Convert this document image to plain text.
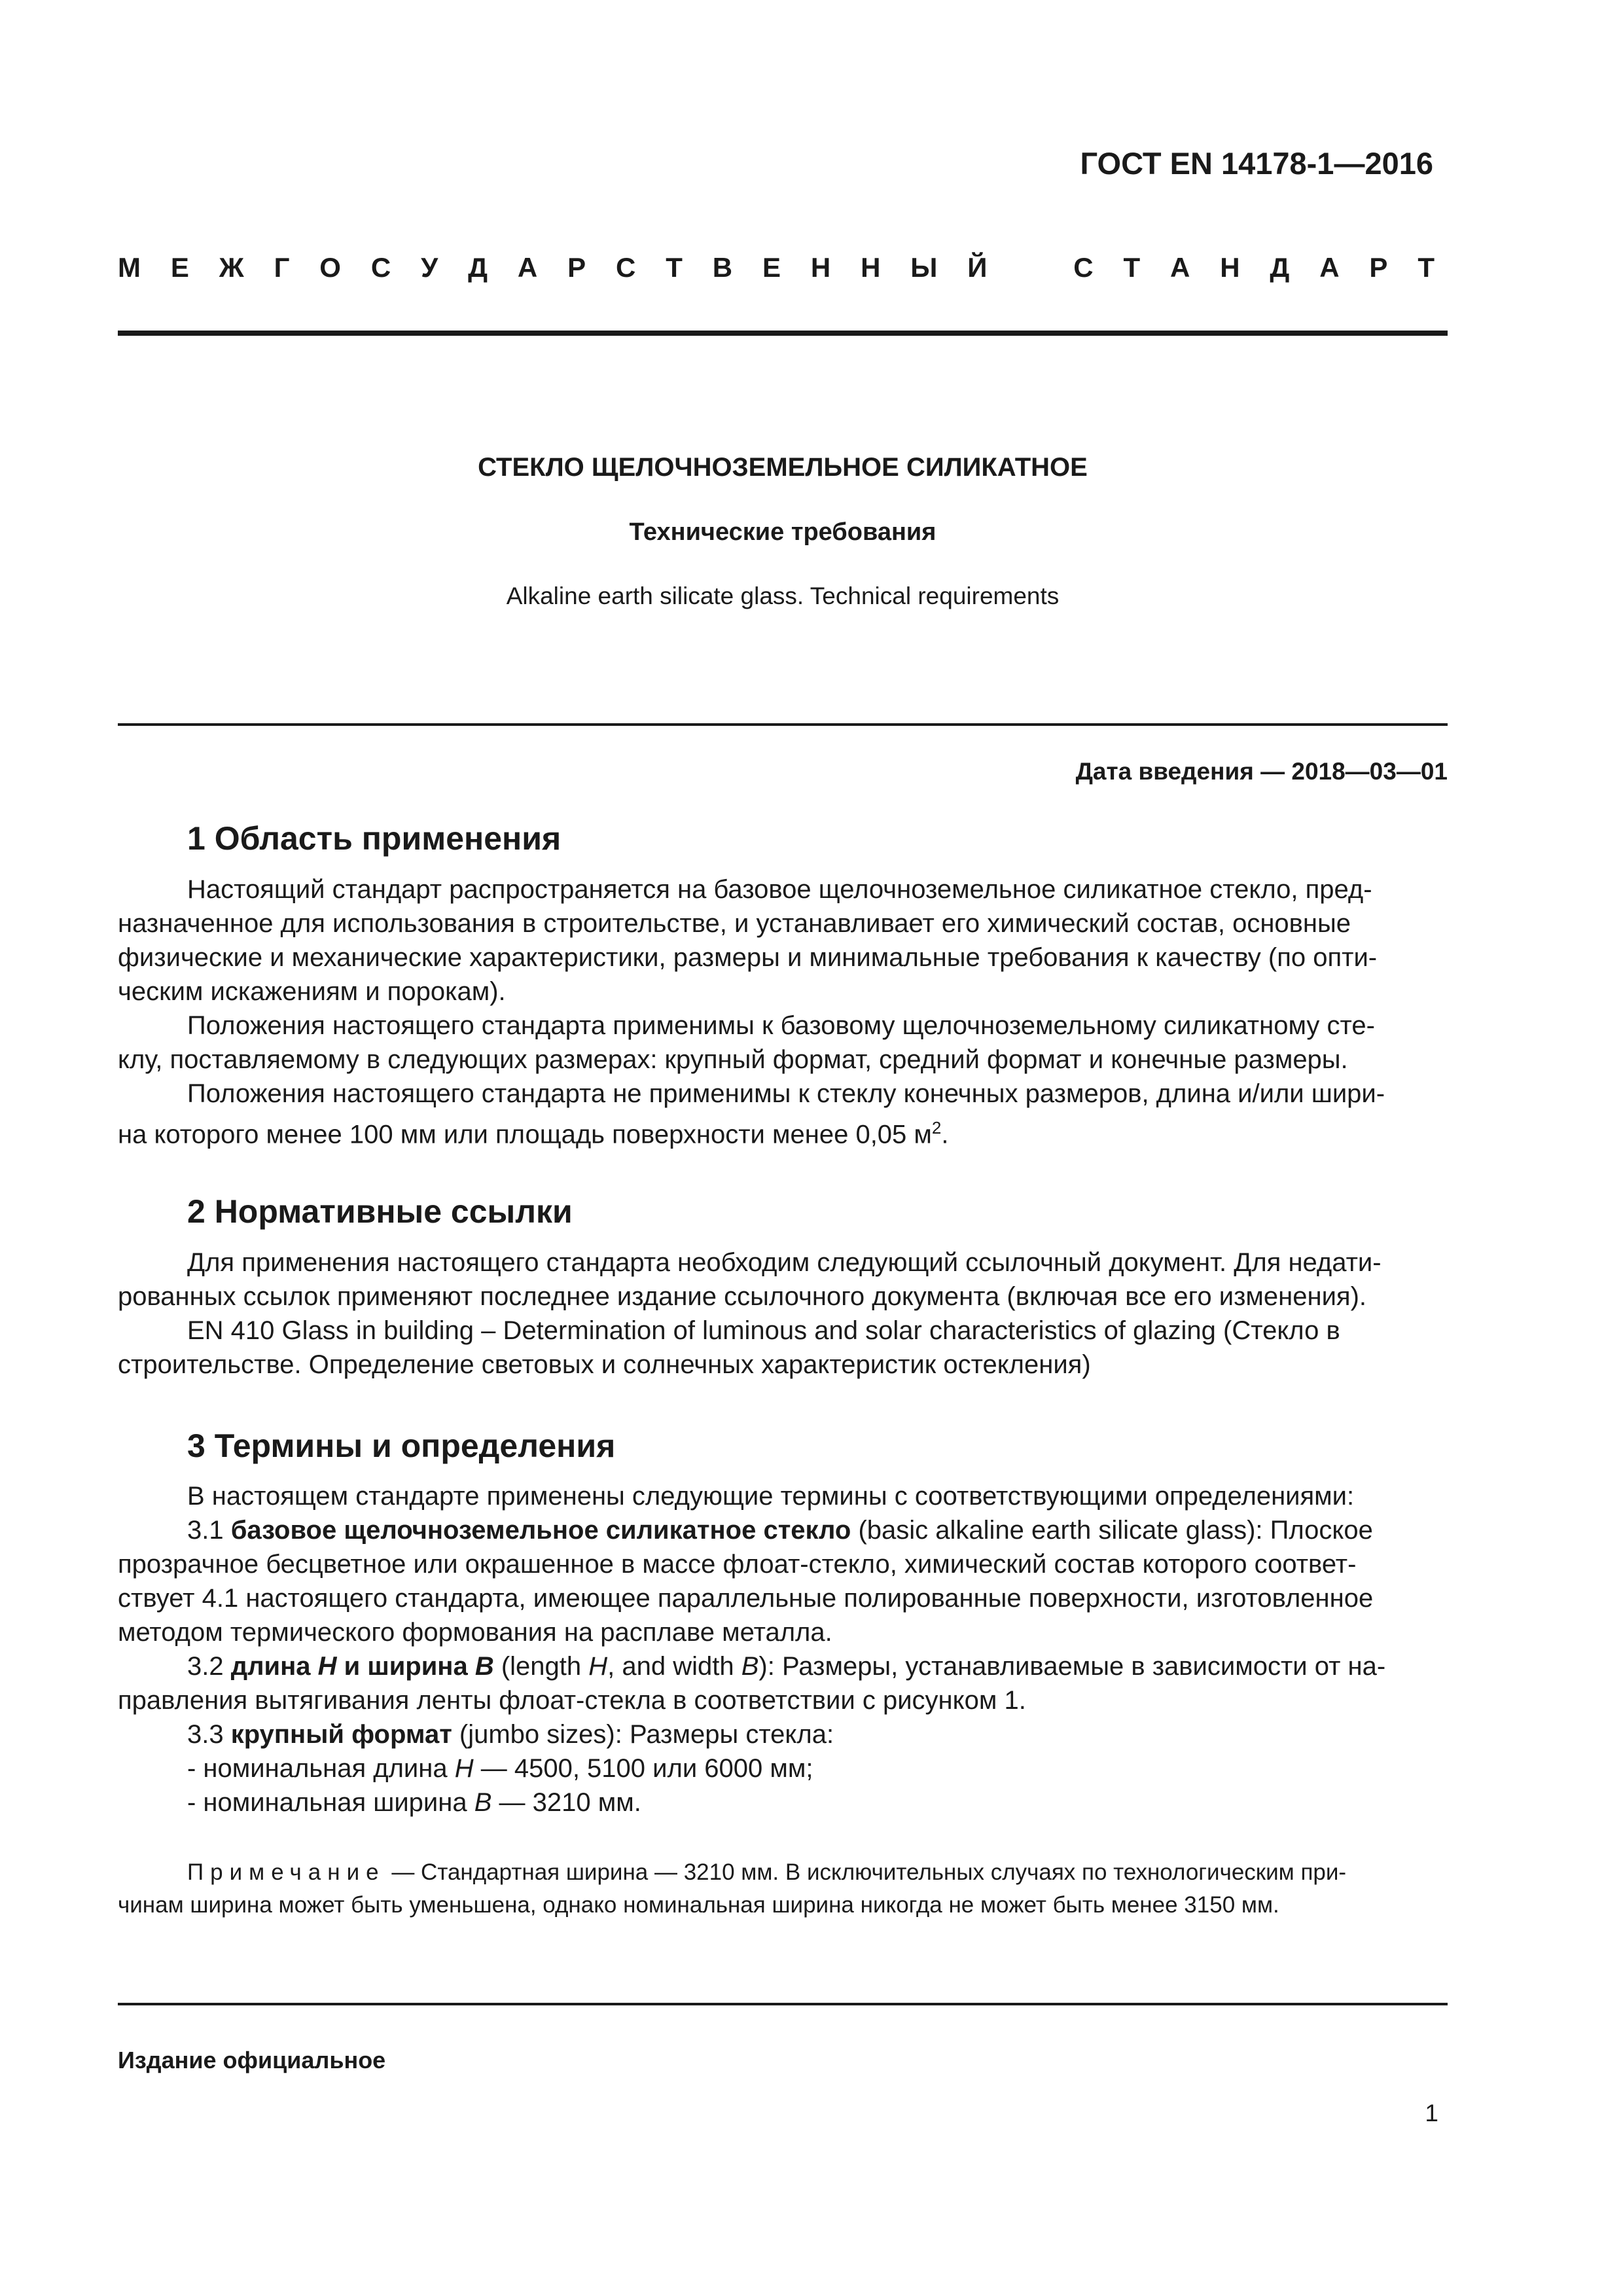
ГОСТ EN 14178-1—2016
М Е Ж Г О С У Д А Р С Т В Е Н Н Ы Й	С Т А Н Д А Р Т
СТЕКЛО ЩЕЛОЧНОЗЕМЕЛЬНОЕ СИЛИКАТНОЕ
Технические требования
Alkaline earth silicate glass. Technical requirements
Дата введения — 2018—03—01
1 Область применения
Настоящий стандарт распространяется на базовое щелочноземельное силикатное стекло, пред-
назначенное для использования в строительстве, и устанавливает его химический состав, основные
физические и механические характеристики, размеры и минимальные требования к качеству (по опти-
ческим искажениям и порокам).
Положения настоящего стандарта применимы к базовому щелочноземельному силикатному сте-
клу, поставляемому в следующих размерах: крупный формат, средний формат и конечные размеры.
Положения настоящего стандарта не применимы к стеклу конечных размеров, длина и/или шири-
на которого менее 100 мм или площадь поверхности менее 0,05 $м^2$.
2 Нормативные ссылки
Для применения настоящего стандарта необходим следующий ссылочный документ. Для недати-
рованных ссылок применяют последнее издание ссылочного документа (включая все его изменения).
EN 410 Glass in building – Determination of luminous and solar characteristics of glazing (Стекло в
строительстве. Определение световых и солнечных характеристик остекления)
3 Термины и определения
В настоящем стандарте применены следующие термины с соответствующими определениями:
3.1 базовое щелочноземельное силикатное стекло (basic alkaline earth silicate glass): Плоское
прозрачное бесцветное или окрашенное в массе флоат-стекло, химический состав которого соответ-
ствует 4.1 настоящего стандарта, имеющее параллельные полированные поверхности, изготовленное
методом термического формования на расплаве металла.
3.2 длина H и ширина B (length H, and width B): Размеры, устанавливаемые в зависимости от на-
правления вытягивания ленты флоат-стекла в соответствии с рисунком 1.
3.3 крупный формат (jumbo sizes): Размеры стекла:
- номинальная длина H — 4500, 5100 или 6000 мм;
- номинальная ширина B — 3210 мм.
Примечание — Стандартная ширина — 3210 мм. В исключительных случаях по технологическим при-
чинам ширина может быть уменьшена, однако номинальная ширина никогда не может быть менее 3150 мм.
Издание официальное
1
